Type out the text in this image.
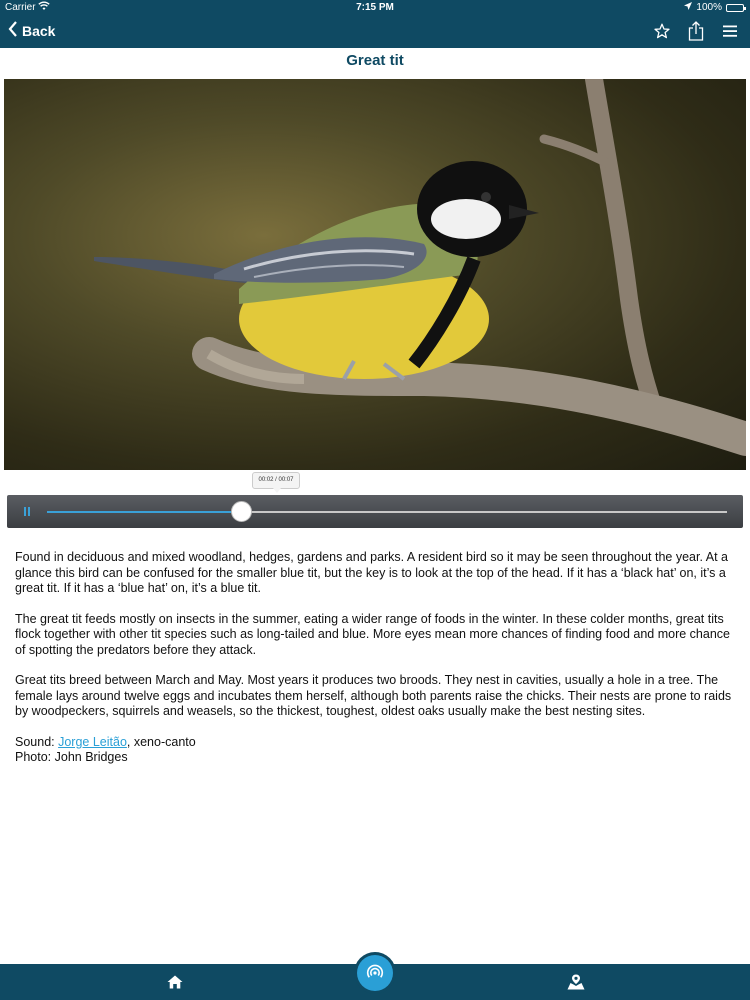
Carrier	7:15 PM	100%
Back
Great tit
00:02 / 00:07

Found in deciduous and mixed woodland, hedges, gardens and parks. A resident bird so it may be seen throughout the year. At a glance this bird can be confused for the smaller blue tit, but the key is to look at the top of the head. If it has a ‘black hat’ on, it’s a great tit. If it has a ‘blue hat’ on, it’s a blue tit.

The great tit feeds mostly on insects in the summer, eating a wider range of foods in the winter. In these colder months, great tits flock together with other tit species such as long-tailed and blue. More eyes mean more chances of finding food and more chance of spotting the predators before they attack.

Great tits breed between March and May. Most years it produces two broods. They nest in cavities, usually a hole in a tree. The female lays around twelve eggs and incubates them herself, although both parents raise the chicks. Their nests are prone to raids by woodpeckers, squirrels and weasels, so the thickest, toughest, oldest oaks usually make the best nesting sites.

Sound: Jorge Leitão, xeno-canto

Photo: John Bridges
